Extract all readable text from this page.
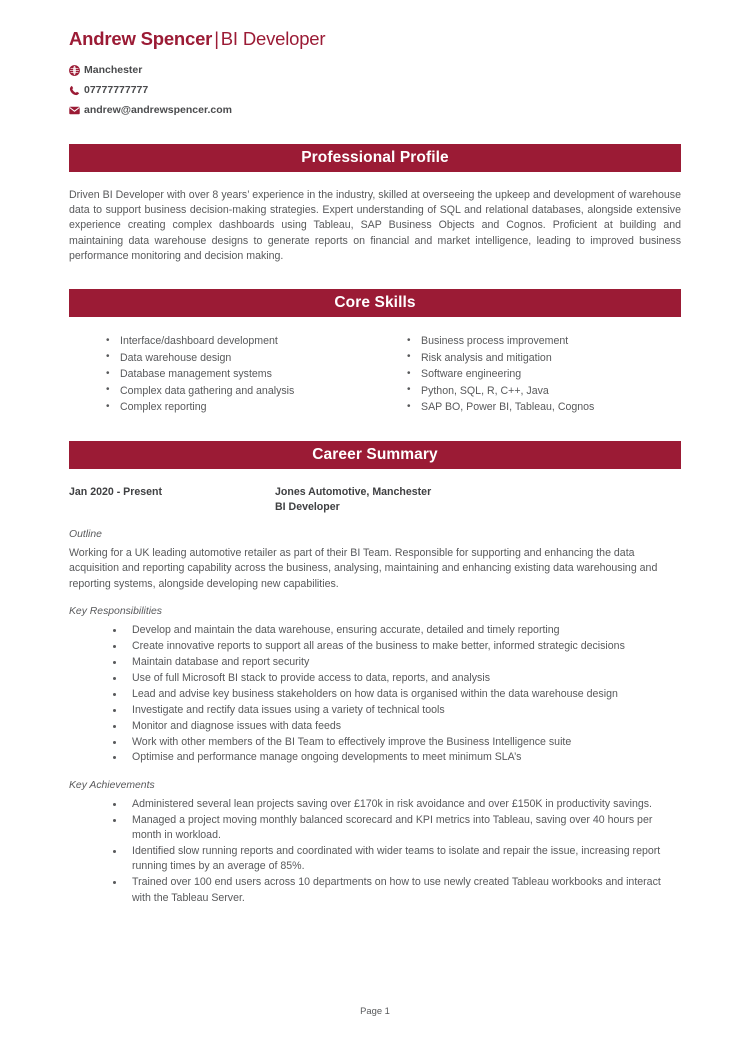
Andrew Spencer | BI Developer
Manchester
07777777777
andrew@andrewspencer.com
Professional Profile

Driven BI Developer with over 8 years’ experience in the industry, skilled at overseeing the upkeep and development of warehouse data to support business decision-making strategies. Expert understanding of SQL and relational databases, alongside extensive experience creating complex dashboards using Tableau, SAP Business Objects and Cognos. Proficient at building and maintaining data warehouse designs to generate reports on financial and market intelligence, leading to improved business performance monitoring and decision making.

Core Skills
• Interface/dashboard development
• Data warehouse design
• Database management systems
• Complex data gathering and analysis
• Complex reporting
• Business process improvement
• Risk analysis and mitigation
• Software engineering
• Python, SQL, R, C++, Java
• SAP BO, Power BI, Tableau, Cognos
Career Summary
Jan 2020 - Present	Jones Automotive, Manchester
BI Developer
Outline

Working for a UK leading automotive retailer as part of their BI Team. Responsible for supporting and enhancing the data acquisition and reporting capability across the business, analysing, maintaining and enhancing existing data warehousing and reporting systems, alongside developing new capabilities.

Key Responsibilities
Develop and maintain the data warehouse, ensuring accurate, detailed and timely reporting
Create innovative reports to support all areas of the business to make better, informed strategic decisions
Maintain database and report security
Use of full Microsoft BI stack to provide access to data, reports, and analysis
Lead and advise key business stakeholders on how data is organised within the data warehouse design
Investigate and rectify data issues using a variety of technical tools
Monitor and diagnose issues with data feeds
Work with other members of the BI Team to effectively improve the Business Intelligence suite
Optimise and performance manage ongoing developments to meet minimum SLA’s
Key Achievements
Administered several lean projects saving over £170k in risk avoidance and over £150K in productivity savings.
Managed a project moving monthly balanced scorecard and KPI metrics into Tableau, saving over 40 hours per month in workload.
Identified slow running reports and coordinated with wider teams to isolate and repair the issue, increasing report running times by an average of 85%.
Trained over 100 end users across 10 departments on how to use newly created Tableau workbooks and interact with the Tableau Server.
Page 1
